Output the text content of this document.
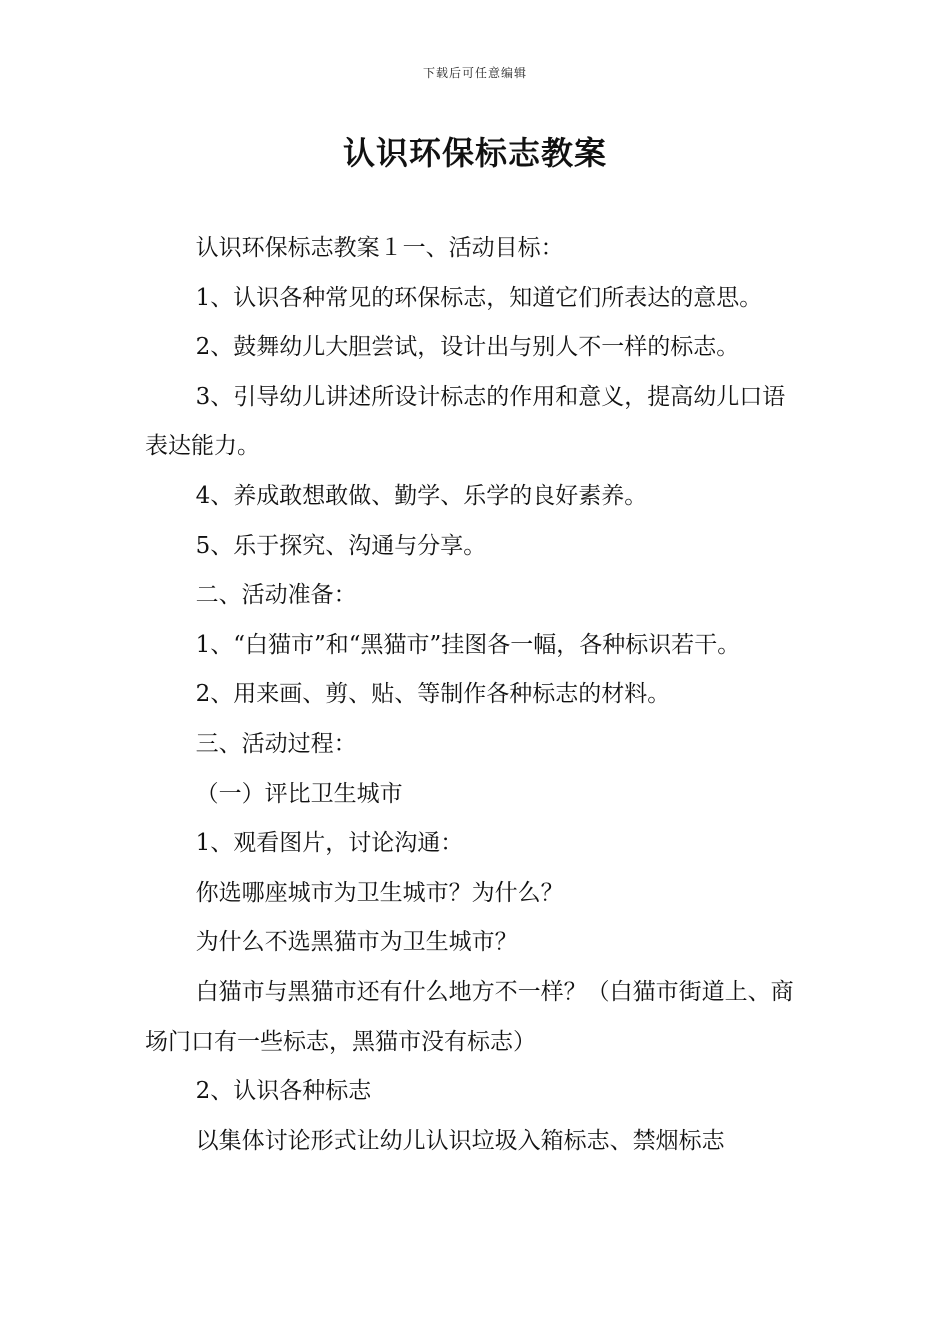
下载后可任意编辑
认识环保标志教案

认识环保标志教案１一、活动目标：

1、认识各种常见的环保标志，知道它们所表达的意思。

2、鼓舞幼儿大胆尝试，设计出与别人不一样的标志。

3、引导幼儿讲述所设计标志的作用和意义，提高幼儿口语表达能力。

4、养成敢想敢做、勤学、乐学的良好素养。

5、乐于探究、沟通与分享。

二、活动准备：

1、“白猫市”和“黑猫市”挂图各一幅，各种标识若干。

2、用来画、剪、贴、等制作各种标志的材料。

三、活动过程：

（一）评比卫生城市

1、观看图片，讨论沟通：

你选哪座城市为卫生城市？为什么？

为什么不选黑猫市为卫生城市？

白猫市与黑猫市还有什么地方不一样？（白猫市街道上、商场门口有一些标志，黑猫市没有标志）

2、认识各种标志

以集体讨论形式让幼儿认识垃圾入箱标志、禁烟标志
